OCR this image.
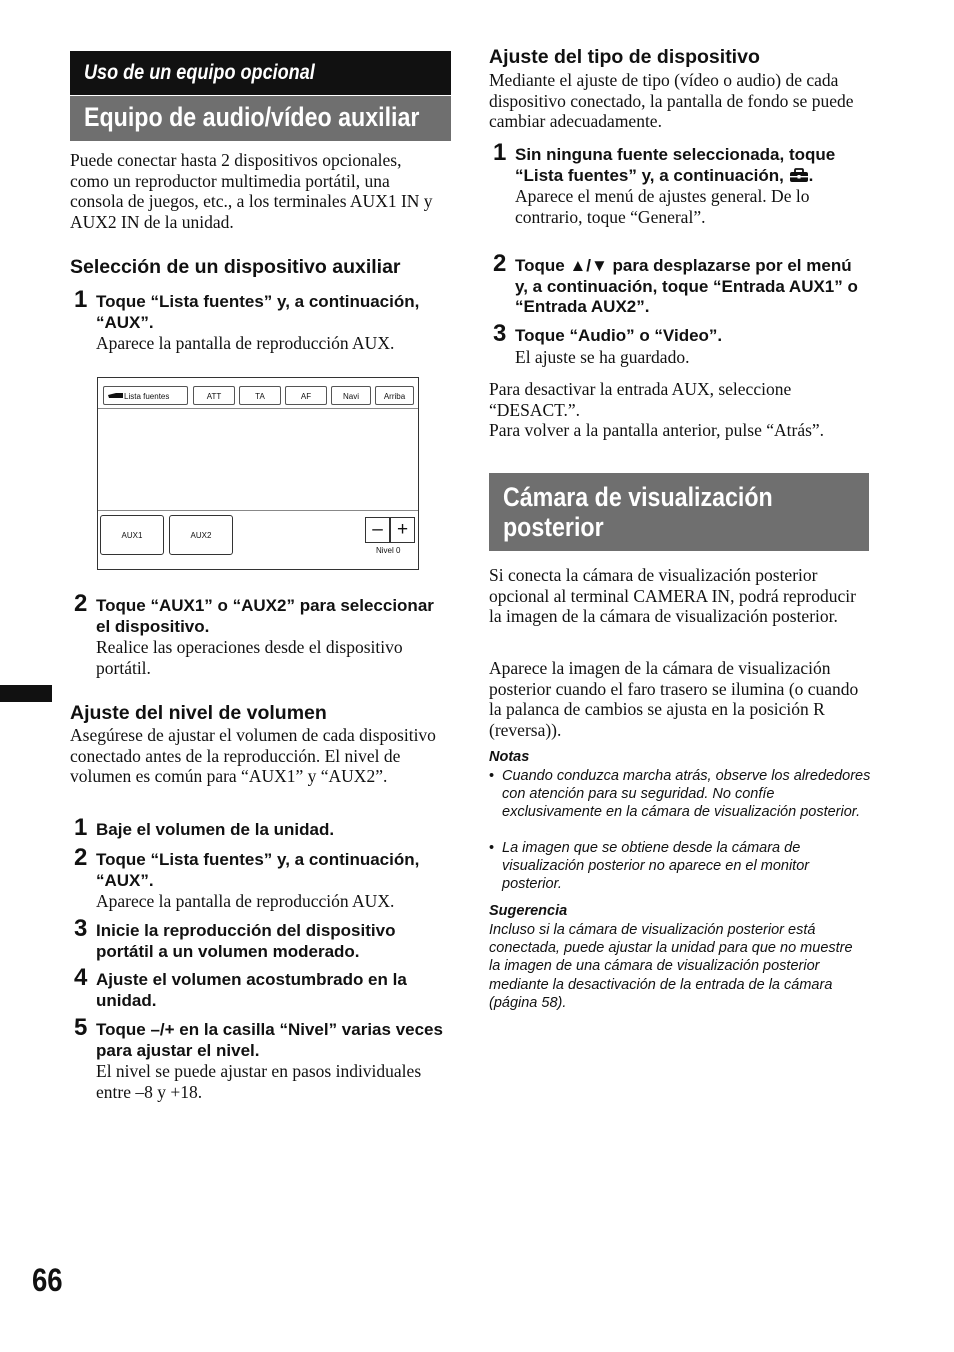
Uso de un equipo opcional
Equipo de audio/vídeo auxiliar
Puede conectar hasta 2 dispositivos opcionales, como un reproductor multimedia portátil, una consola de juegos, etc., a los terminales AUX1 IN y AUX2 IN de la unidad.
Selección de un dispositivo auxiliar
1 Toque “Lista fuentes” y, a continuación, “AUX”.
Aparece la pantalla de reproducción AUX.
Lista fuentes	ATT	TA	AF	Navi	Arriba
AUX1	AUX2	– +
Nivel 0
2 Toque “AUX1” o “AUX2” para seleccionar el dispositivo.
Realice las operaciones desde el dispositivo portátil.
Ajuste del nivel de volumen
Asegúrese de ajustar el volumen de cada dispositivo conectado antes de la reproducción. El nivel de volumen es común para “AUX1” y “AUX2”.
1 Baje el volumen de la unidad.
2 Toque “Lista fuentes” y, a continuación, “AUX”.
Aparece la pantalla de reproducción AUX.
3 Inicie la reproducción del dispositivo portátil a un volumen moderado.
4 Ajuste el volumen acostumbrado en la unidad.
5 Toque –/+ en la casilla “Nivel” varias veces para ajustar el nivel.
El nivel se puede ajustar en pasos individuales entre –8 y +18.
Ajuste del tipo de dispositivo
Mediante el ajuste de tipo (vídeo o audio) de cada dispositivo conectado, la pantalla de fondo se puede cambiar adecuadamente.
1 Sin ninguna fuente seleccionada, toque “Lista fuentes” y, a continuación, .
Aparece el menú de ajustes general. De lo contrario, toque “General”.
2 Toque ▲/▼ para desplazarse por el menú y, a continuación, toque “Entrada AUX1” o “Entrada AUX2”.
3 Toque “Audio” o “Video”.
El ajuste se ha guardado.
Para desactivar la entrada AUX, seleccione “DESACT.”.
Para volver a la pantalla anterior, pulse “Atrás”.
Cámara de visualización posterior
Si conecta la cámara de visualización posterior opcional al terminal CAMERA IN, podrá reproducir la imagen de la cámara de visualización posterior.
Aparece la imagen de la cámara de visualización posterior cuando el faro trasero se ilumina (o cuando la palanca de cambios se ajusta en la posición R (reversa)).
Notas
• Cuando conduzca marcha atrás, observe los alrededores con atención para su seguridad. No confíe exclusivamente en la cámara de visualización posterior.
• La imagen que se obtiene desde la cámara de visualización posterior no aparece en el monitor posterior.
Sugerencia
Incluso si la cámara de visualización posterior está conectada, puede ajustar la unidad para que no muestre la imagen de una cámara de visualización posterior mediante la desactivación de la entrada de la cámara (página 58).
66
